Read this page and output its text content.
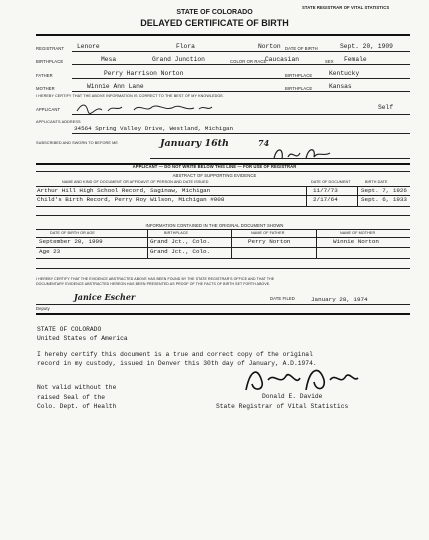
STATE REGISTRAR OF VITAL STATISTICS
STATE OF COLORADO
DELAYED CERTIFICATE OF BIRTH
REGISTRANT Lenore	Flora	Norton DATE OF BIRTH	Sept. 20, 1909
BIRTHPLACE	Mesa	Grand Junction	COLOR OR RACE
Caucasian	SEX Female
FATHER	Perry Harrison Norton	BIRTHPLACE	Kentucky
MOTHER	Winnie Ann Lane	BIRTHPLACE	Kansas
I HEREBY CERTIFY THAT THE ABOVE INFORMATION IS CORRECT TO THE BEST OF MY KNOWLEDGE.
APPLICANT	Self
APPLICANTS ADDRESS
34564 Spring Valley Drive, Westland, Michigan
SUBSCRIBED AND SWORN TO BEFORE ME	January 16th	74
APPLICANT — DO NOT WRITE BELOW THIS LINE — FOR USE OF REGISTRAR
ABSTRACT OF SUPPORTING EVIDENCE
NAME AND KIND OF DOCUMENT OR AFFIDAVIT OF PERSON AND DATE ISSUED	DATE OF DOCUMENT	BIRTH DATE
Arthur Hill High School Record, Saginaw, Michigan	11/7/73	Sept. 7, 1926
Child's Birth Record, Perry Roy Wilson, Michigan #008	2/17/64	Sept. 6, 1933
INFORMATION CONTAINED IN THE ORIGINAL DOCUMENT SHOWN
DATE OF BIRTH OR AGE	BIRTHPLACE	NAME OF FATHER	NAME OF MOTHER
September 20, 1909	Grand Jct., Colo.	Perry Norton	Winnie Norton
Age 23	Grand Jct., Colo.
I HEREBY CERTIFY THAT THE EVIDENCE ABSTRACTED ABOVE HAS BEEN FOUND BY THE STATE REGISTRAR'S OFFICE AND THAT THE
DOCUMENTARY EVIDENCE ABSTRACTED HEREON HAS BEEN PRESENTED AS PROOF OF THE FACTS OF BIRTH SET FORTH ABOVE.
Janice Escher
Deputy
DATE FILED	January 28, 1974
STATE OF COLORADO
United States of America
I hereby certify this document is a true and correct copy of the original
record in my custody, issued in Denver this 30th day of January, A.D.1974.
Not valid without the
raised Seal of the
Colo. Dept. of Health
Donald E. Davide
State Registrar of Vital Statistics
